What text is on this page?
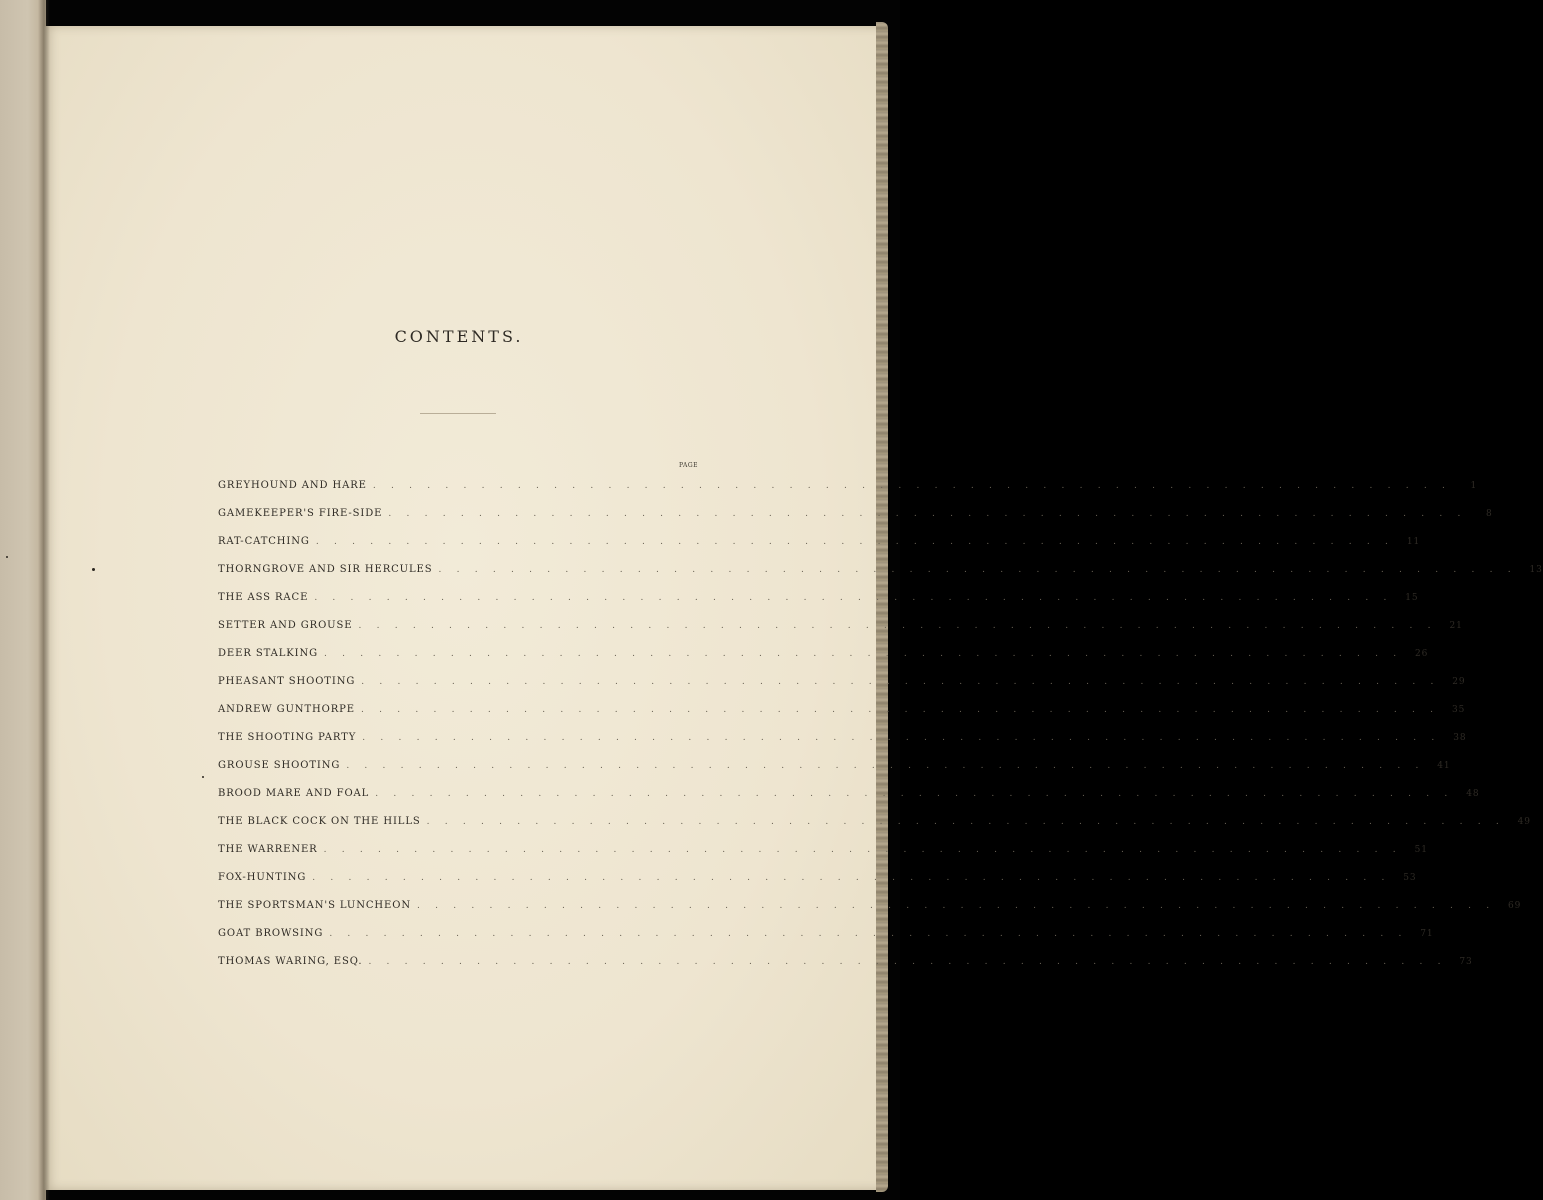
CONTENTS.
PAGE
GREYHOUND AND HARE . . . . . . . . . . . . . . . . . . . . . . . . . . . . . . . . . . . . . . . . . . . . . . . . . . . . . . . . . . . .	1
GAMEKEEPER'S FIRE-SIDE . . . . . . . . . . . . . . . . . . . . . . . . . . . . . . . . . . . . . . . . . . . . . . . . . . . . . . . . . . . .	8
RAT-CATCHING . . . . . . . . . . . . . . . . . . . . . . . . . . . . . . . . . . . . . . . . . . . . . . . . . . . . . . . . . . . .	11
THORNGROVE AND SIR HERCULES . . . . . . . . . . . . . . . . . . . . . . . . . . . . . . . . . . . . . . . . . . . . . . . . . . . . . . . . . . . .	13
THE ASS RACE . . . . . . . . . . . . . . . . . . . . . . . . . . . . . . . . . . . . . . . . . . . . . . . . . . . . . . . . . . . .	15
SETTER AND GROUSE . . . . . . . . . . . . . . . . . . . . . . . . . . . . . . . . . . . . . . . . . . . . . . . . . . . . . . . . . . . .	21
DEER STALKING . . . . . . . . . . . . . . . . . . . . . . . . . . . . . . . . . . . . . . . . . . . . . . . . . . . . . . . . . . . .	26
PHEASANT SHOOTING . . . . . . . . . . . . . . . . . . . . . . . . . . . . . . . . . . . . . . . . . . . . . . . . . . . . . . . . . . . .	29
ANDREW GUNTHORPE . . . . . . . . . . . . . . . . . . . . . . . . . . . . . . . . . . . . . . . . . . . . . . . . . . . . . . . . . . . .	35
THE SHOOTING PARTY . . . . . . . . . . . . . . . . . . . . . . . . . . . . . . . . . . . . . . . . . . . . . . . . . . . . . . . . . . . .	38
GROUSE SHOOTING . . . . . . . . . . . . . . . . . . . . . . . . . . . . . . . . . . . . . . . . . . . . . . . . . . . . . . . . . . . .	41
BROOD MARE AND FOAL . . . . . . . . . . . . . . . . . . . . . . . . . . . . . . . . . . . . . . . . . . . . . . . . . . . . . . . . . . . .	48
THE BLACK COCK ON THE HILLS . . . . . . . . . . . . . . . . . . . . . . . . . . . . . . . . . . . . . . . . . . . . . . . . . . . . . . . . . . . .	49
THE WARRENER . . . . . . . . . . . . . . . . . . . . . . . . . . . . . . . . . . . . . . . . . . . . . . . . . . . . . . . . . . . .	51
FOX-HUNTING . . . . . . . . . . . . . . . . . . . . . . . . . . . . . . . . . . . . . . . . . . . . . . . . . . . . . . . . . . . .	53
THE SPORTSMAN'S LUNCHEON . . . . . . . . . . . . . . . . . . . . . . . . . . . . . . . . . . . . . . . . . . . . . . . . . . . . . . . . . . . .	69
GOAT BROWSING . . . . . . . . . . . . . . . . . . . . . . . . . . . . . . . . . . . . . . . . . . . . . . . . . . . . . . . . . . . .	71
THOMAS WARING, ESQ. . . . . . . . . . . . . . . . . . . . . . . . . . . . . . . . . . . . . . . . . . . . . . . . . . . . . . . . . . . . .	73
